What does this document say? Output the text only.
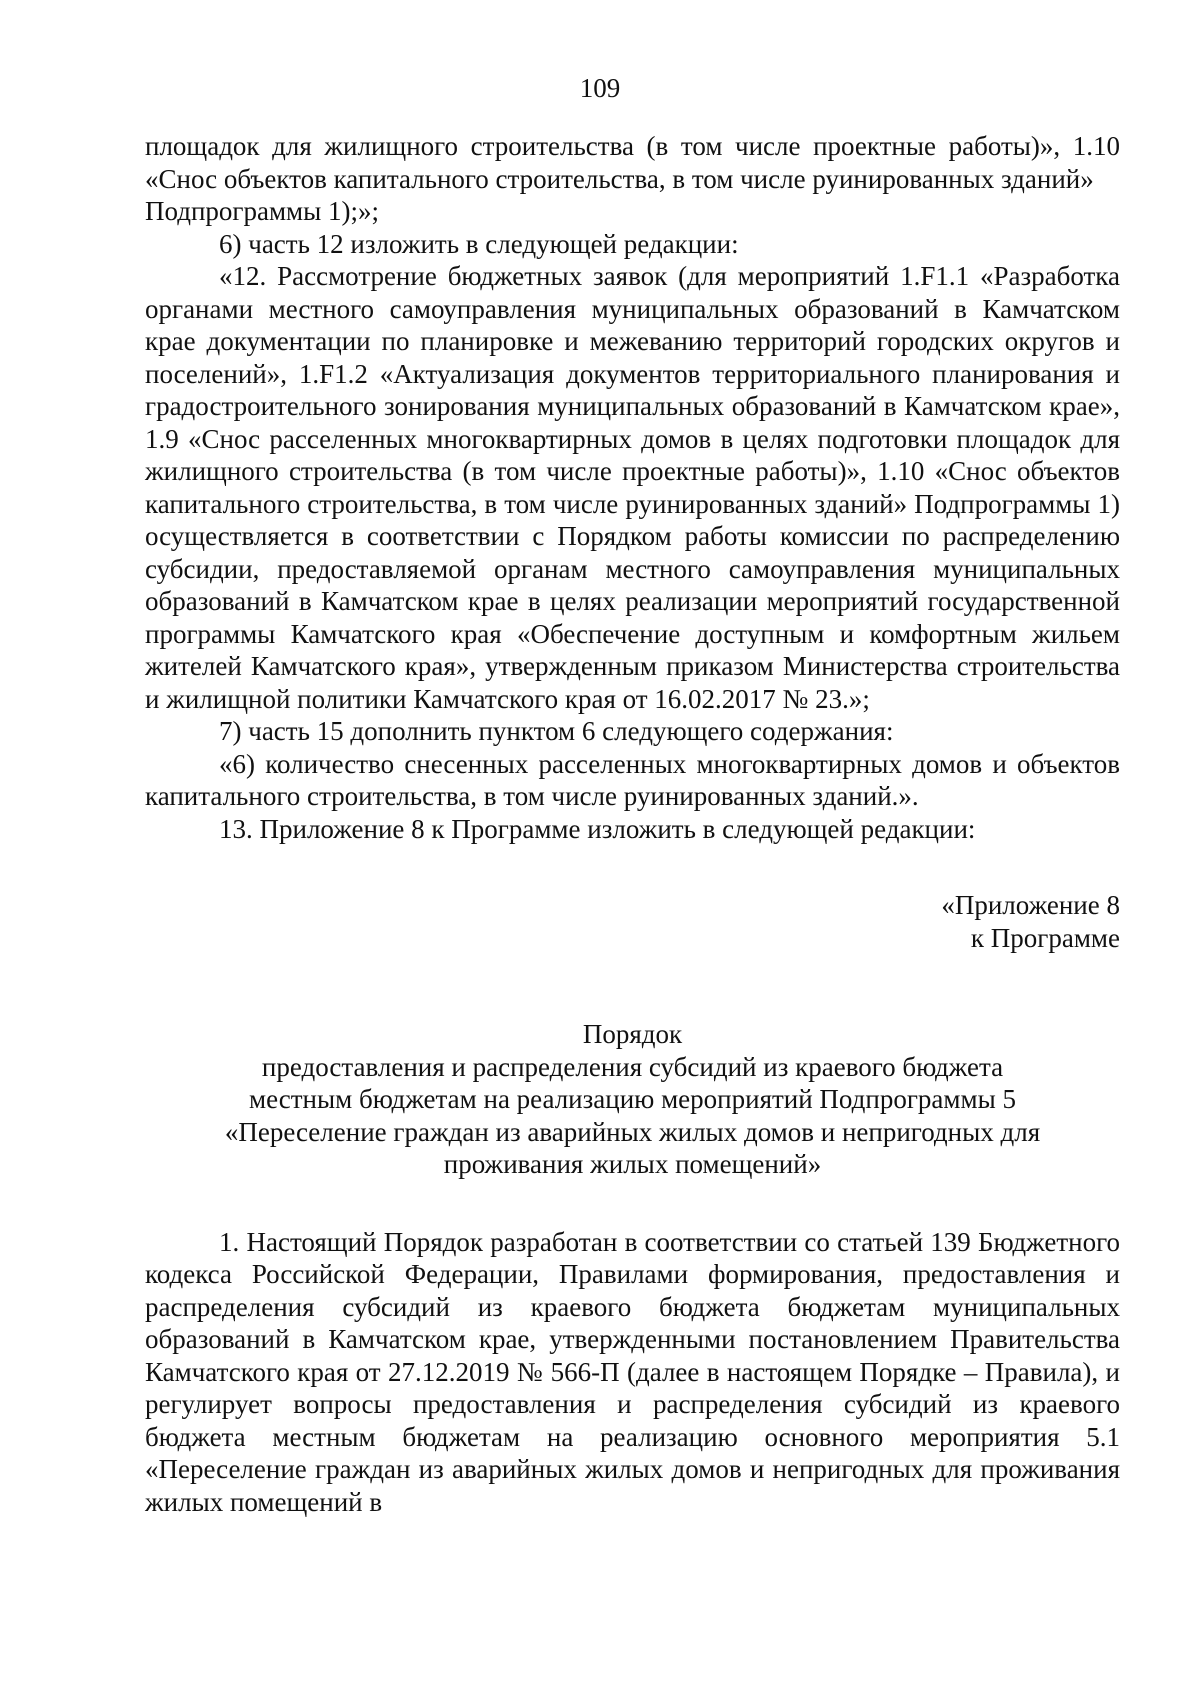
109

площадок для жилищного строительства (в том числе проектные работы)», 1.10 «Снос объектов капитального строительства, в том числе руинированных зданий»

Подпрограммы 1);»;

6) часть 12 изложить в следующей редакции:

«12. Рассмотрение бюджетных заявок (для мероприятий 1.F1.1 «Разработка органами местного самоуправления муниципальных образований в Камчатском крае документации по планировке и межеванию территорий городских округов и поселений», 1.F1.2 «Актуализация документов территориального планирования и градостроительного зонирования муниципальных образований в Камчатском крае», 1.9 «Снос расселенных многоквартирных домов в целях подготовки площадок для жилищного строительства (в том числе проектные работы)», 1.10 «Снос объектов капитального строительства, в том числе руинированных зданий» Подпрограммы 1) осуществляется в соответствии с Порядком работы комиссии по распределению субсидии, предоставляемой органам местного самоуправления муниципальных образований в Камчатском крае в целях реализации мероприятий государственной программы Камчатского края «Обеспечение доступным и комфортным жильем жителей Камчатского края», утвержденным приказом Министерства строительства и жилищной политики Камчатского края от 16.02.2017 № 23.»;

7) часть 15 дополнить пунктом 6 следующего содержания:

«6) количество снесенных расселенных многоквартирных домов и объектов капитального строительства, в том числе руинированных зданий.».

13. Приложение 8 к Программе изложить в следующей редакции:

«Приложение 8
к Программе
Порядок
предоставления и распределения субсидий из краевого бюджета
местным бюджетам на реализацию мероприятий Подпрограммы 5
«Переселение граждан из аварийных жилых домов и непригодных для
проживания жилых помещений»

1. Настоящий Порядок разработан в соответствии со статьей 139 Бюджетного кодекса Российской Федерации, Правилами формирования, предоставления и распределения субсидий из краевого бюджета бюджетам муниципальных образований в Камчатском крае, утвержденными постановлением Правительства Камчатского края от 27.12.2019 № 566-П (далее в настоящем Порядке – Правила), и регулирует вопросы предоставления и распределения субсидий из краевого бюджета местным бюджетам на реализацию основного мероприятия 5.1 «Переселение граждан из аварийных жилых домов и непригодных для проживания жилых помещений в
